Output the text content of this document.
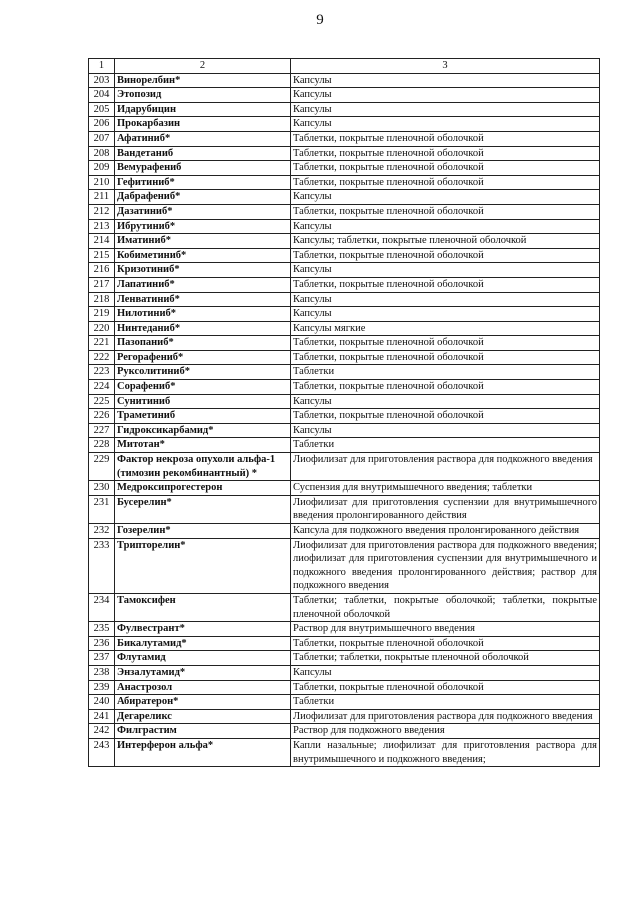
9
1	2	3
203	Винорелбин*	Капсулы
204	Этопозид	Капсулы
205	Идарубицин	Капсулы
206	Прокарбазин	Капсулы
207	Афатиниб*	Таблетки, покрытые пленочной оболочкой
208	Вандетаниб	Таблетки, покрытые пленочной оболочкой
209	Вемурафениб	Таблетки, покрытые пленочной оболочкой
210	Гефитиниб*	Таблетки, покрытые пленочной оболочкой
211	Дабрафениб*	Капсулы
212	Дазатиниб*	Таблетки, покрытые пленочной оболочкой
213	Ибрутиниб*	Капсулы
214	Иматиниб*	Капсулы; таблетки, покрытые пленочной оболочкой
215	Кобиметиниб*	Таблетки, покрытые пленочной оболочкой
216	Кризотиниб*	Капсулы
217	Лапатиниб*	Таблетки, покрытые пленочной оболочкой
218	Ленватиниб*	Капсулы
219	Нилотиниб*	Капсулы
220	Нинтеданиб*	Капсулы мягкие
221	Пазопаниб*	Таблетки, покрытые пленочной оболочкой
222	Регорафениб*	Таблетки, покрытые пленочной оболочкой
223	Руксолитиниб*	Таблетки
224	Сорафениб*	Таблетки, покрытые пленочной оболочкой
225	Сунитиниб	Капсулы
226	Траметиниб	Таблетки, покрытые пленочной оболочкой
227	Гидроксикарбамид*	Капсулы
228	Митотан*	Таблетки
229	Фактор некроза опухоли альфа-1 (тимозин рекомбинантный) *	Лиофилизат для приготовления раствора для подкожного введения
230	Медроксипрогестерон	Суспензия для внутримышечного введения; таблетки
231	Бусерелин*	Лиофилизат для приготовления суспензии для внутримышечного введения пролонгированного действия
232	Гозерелин*	Капсула для подкожного введения пролонгированного действия
233	Трипторелин*	Лиофилизат для приготовления раствора для подкожного введения; лиофилизат для приготовления суспензии для внутримышечного и подкожного введения пролонгированного действия; раствор для подкожного введения
234	Тамоксифен	Таблетки; таблетки, покрытые оболочкой; таблетки, покрытые пленочной оболочкой
235	Фулвестрант*	Раствор для внутримышечного введения
236	Бикалутамид*	Таблетки, покрытые пленочной оболочкой
237	Флутамид	Таблетки; таблетки, покрытые пленочной оболочкой
238	Энзалутамид*	Капсулы
239	Анастрозол	Таблетки, покрытые пленочной оболочкой
240	Абиратерон*	Таблетки
241	Дегареликс	Лиофилизат для приготовления раствора для подкожного введения
242	Филграстим	Раствор для подкожного введения
243	Интерферон альфа*	Капли назальные; лиофилизат для приготовления раствора для внутримышечного и подкожного введения;
